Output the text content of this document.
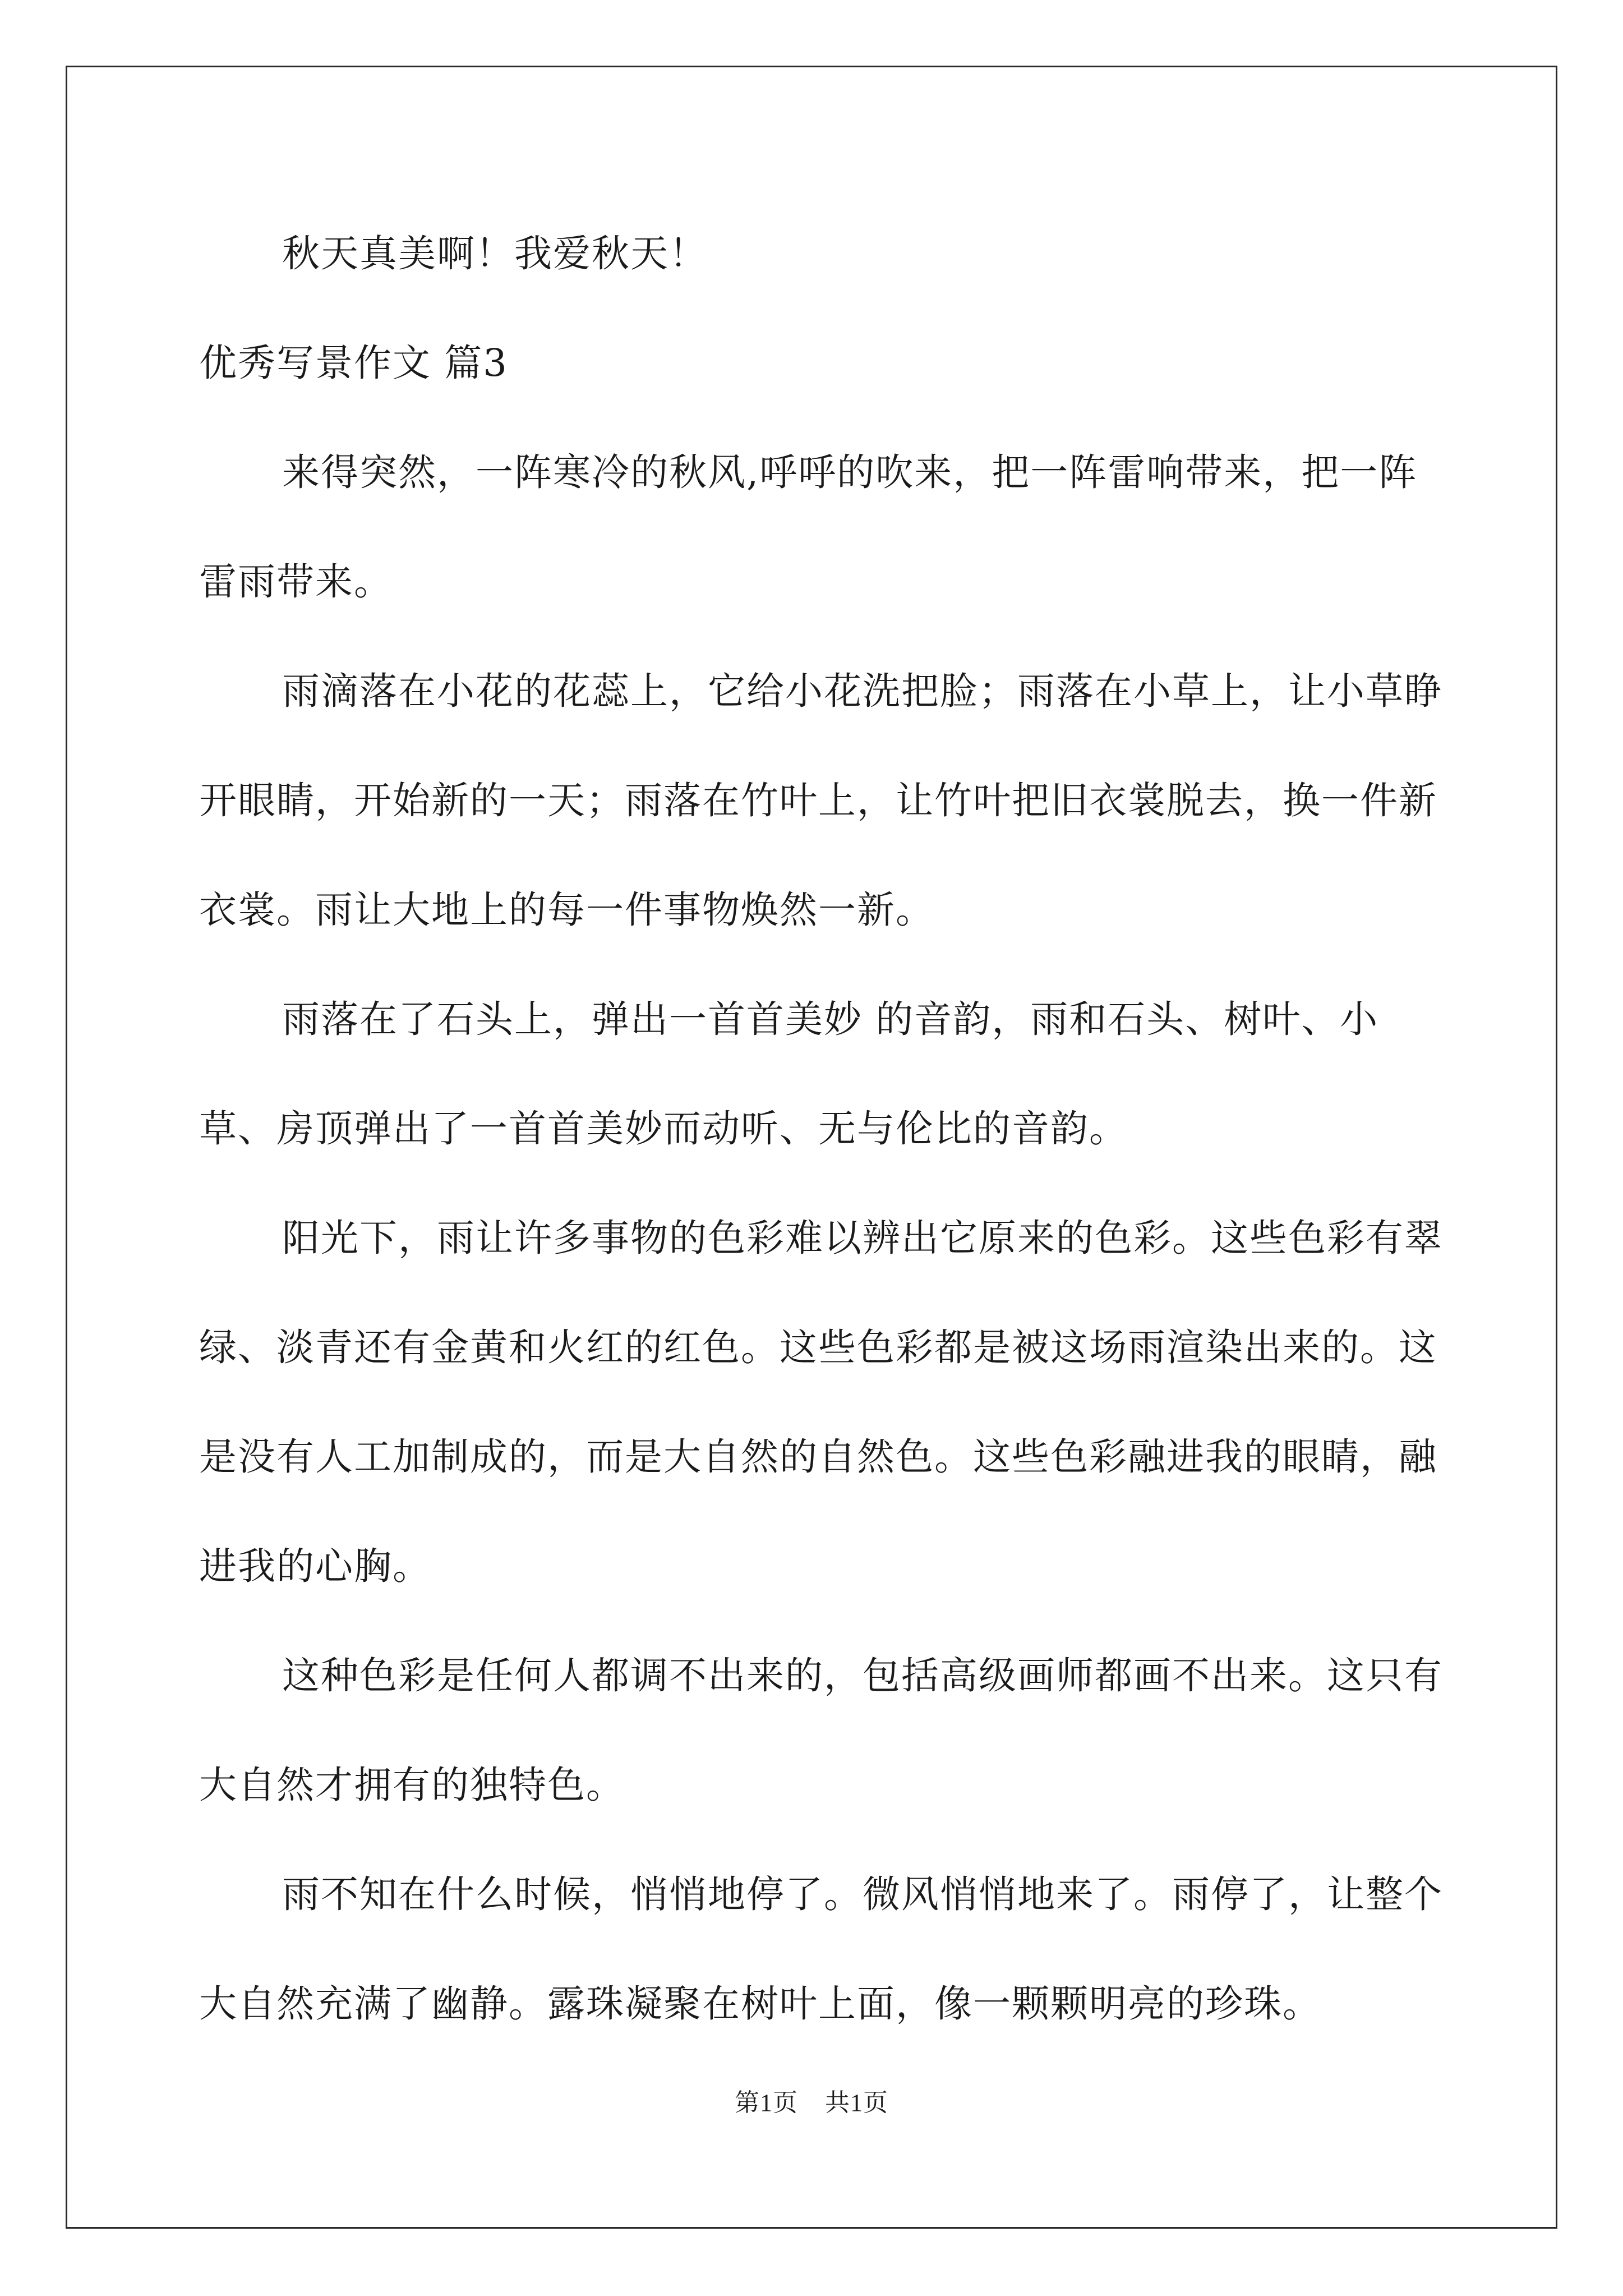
秋天真美啊！我爱秋天！

优秀写景作文 篇3

来得突然，一阵寒冷的秋风,呼呼的吹来，把一阵雷响带来，把一阵雷雨带来。

雨滴落在小花的花蕊上，它给小花洗把脸；雨落在小草上，让小草睁开眼睛，开始新的一天；雨落在竹叶上，让竹叶把旧衣裳脱去，换一件新衣裳。雨让大地上的每一件事物焕然一新。

雨落在了石头上，弹出一首首美妙 的音韵，雨和石头、树叶、小草、房顶弹出了一首首美妙而动听、无与伦比的音韵。

阳光下，雨让许多事物的色彩难以辨出它原来的色彩。这些色彩有翠绿、淡青还有金黄和火红的红色。这些色彩都是被这场雨渲染出来的。这是没有人工加制成的，而是大自然的自然色。这些色彩融进我的眼睛，融进我的心胸。

这种色彩是任何人都调不出来的，包括高级画师都画不出来。这只有大自然才拥有的独特色。

雨不知在什么时候，悄悄地停了。微风悄悄地来了。雨停了，让整个大自然充满了幽静。露珠凝聚在树叶上面，像一颗颗明亮的珍珠。

第1页 共1页
